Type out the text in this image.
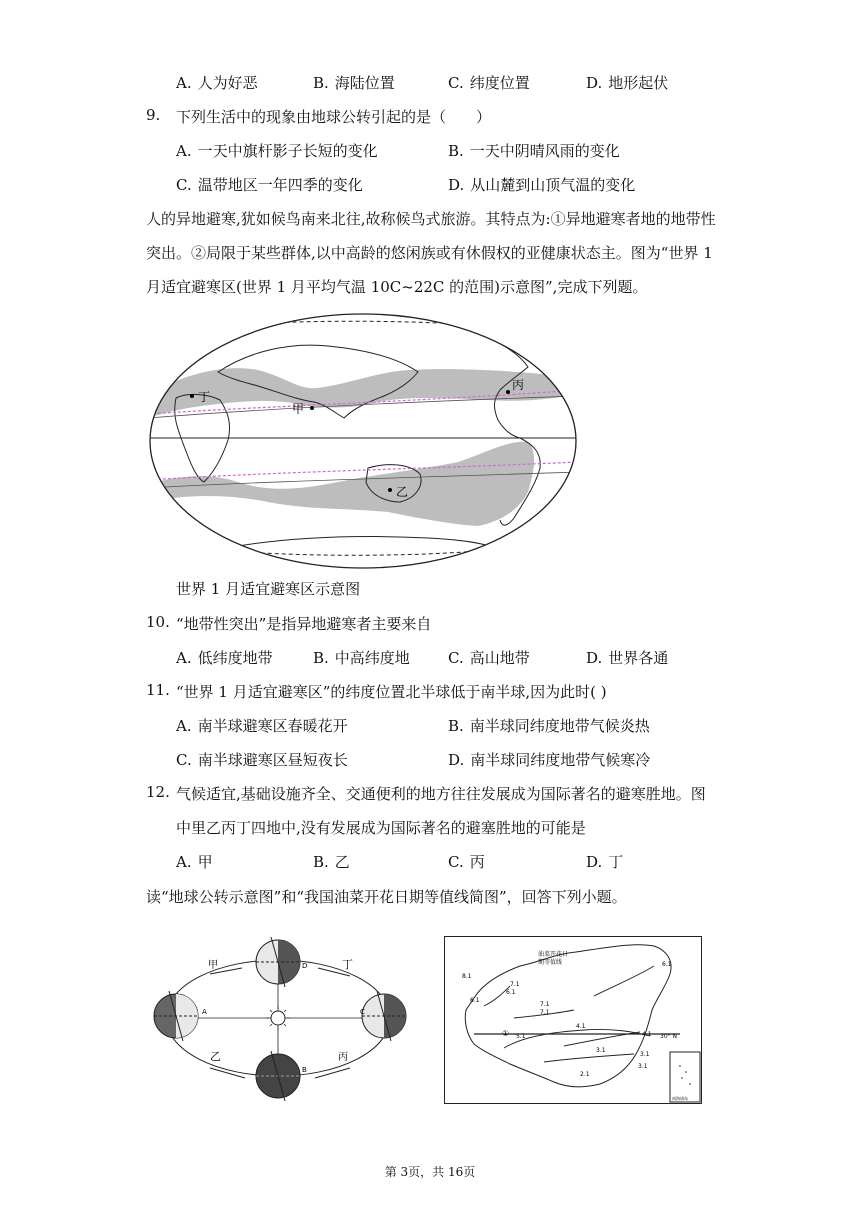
A. 人为好恶	B. 海陆位置	C. 纬度位置	D. 地形起伏
9. 下列生活中的现象由地球公转引起的是（　　）
A. 一天中旗杆影子长短的变化	B. 一天中阴晴风雨的变化
C. 温带地区一年四季的变化	D. 从山麓到山顶气温的变化
人的异地避寒,犹如候鸟南来北往,故称候鸟式旅游。其特点为:①异地避寒者地的地带性
突出。②局限于某些群体,以中高龄的悠闲族或有休假权的亚健康状态主。图为“世界 1
月适宜避寒区(世界 1 月平均气温 10C~22C 的范围)示意图”,完成下列题。
丁
甲
丙
乙
世界 1 月适宜避寒区示意图
10. “地带性突出”是指异地避寒者主要来自
A. 低纬度地带	B. 中高纬度地	C. 高山地带	D. 世界各通
11. “世界 1 月适宜避寒区”的纬度位置北半球低于南半球,因为此时( )
A. 南半球避寒区春暖花开	B. 南半球同纬度地带气候炎热
C. 南半球避寒区昼短夜长	D. 南半球同纬度地带气候寒冷
12. 气候适宜,基础设施齐全、交通便利的地方往往发展成为国际著名的避寒胜地。图
中里乙丙丁四地中,没有发展成为国际著名的避塞胜地的可能是
A. 甲	B. 乙	C. 丙	D. 丁
读“地球公转示意图”和“我国油菜开花日期等值线简图”，回答下列小题。
甲	丁
乙	丙
A	C
D
B
油菜开花日
期等值线
8.1
7.1
6.1
7.1
6.1
7.1
5.1
4.1
3.1
2.1
4.1
3.1
3.1
6.1
30° N
①
南海诸岛
第 3页，共 16页
